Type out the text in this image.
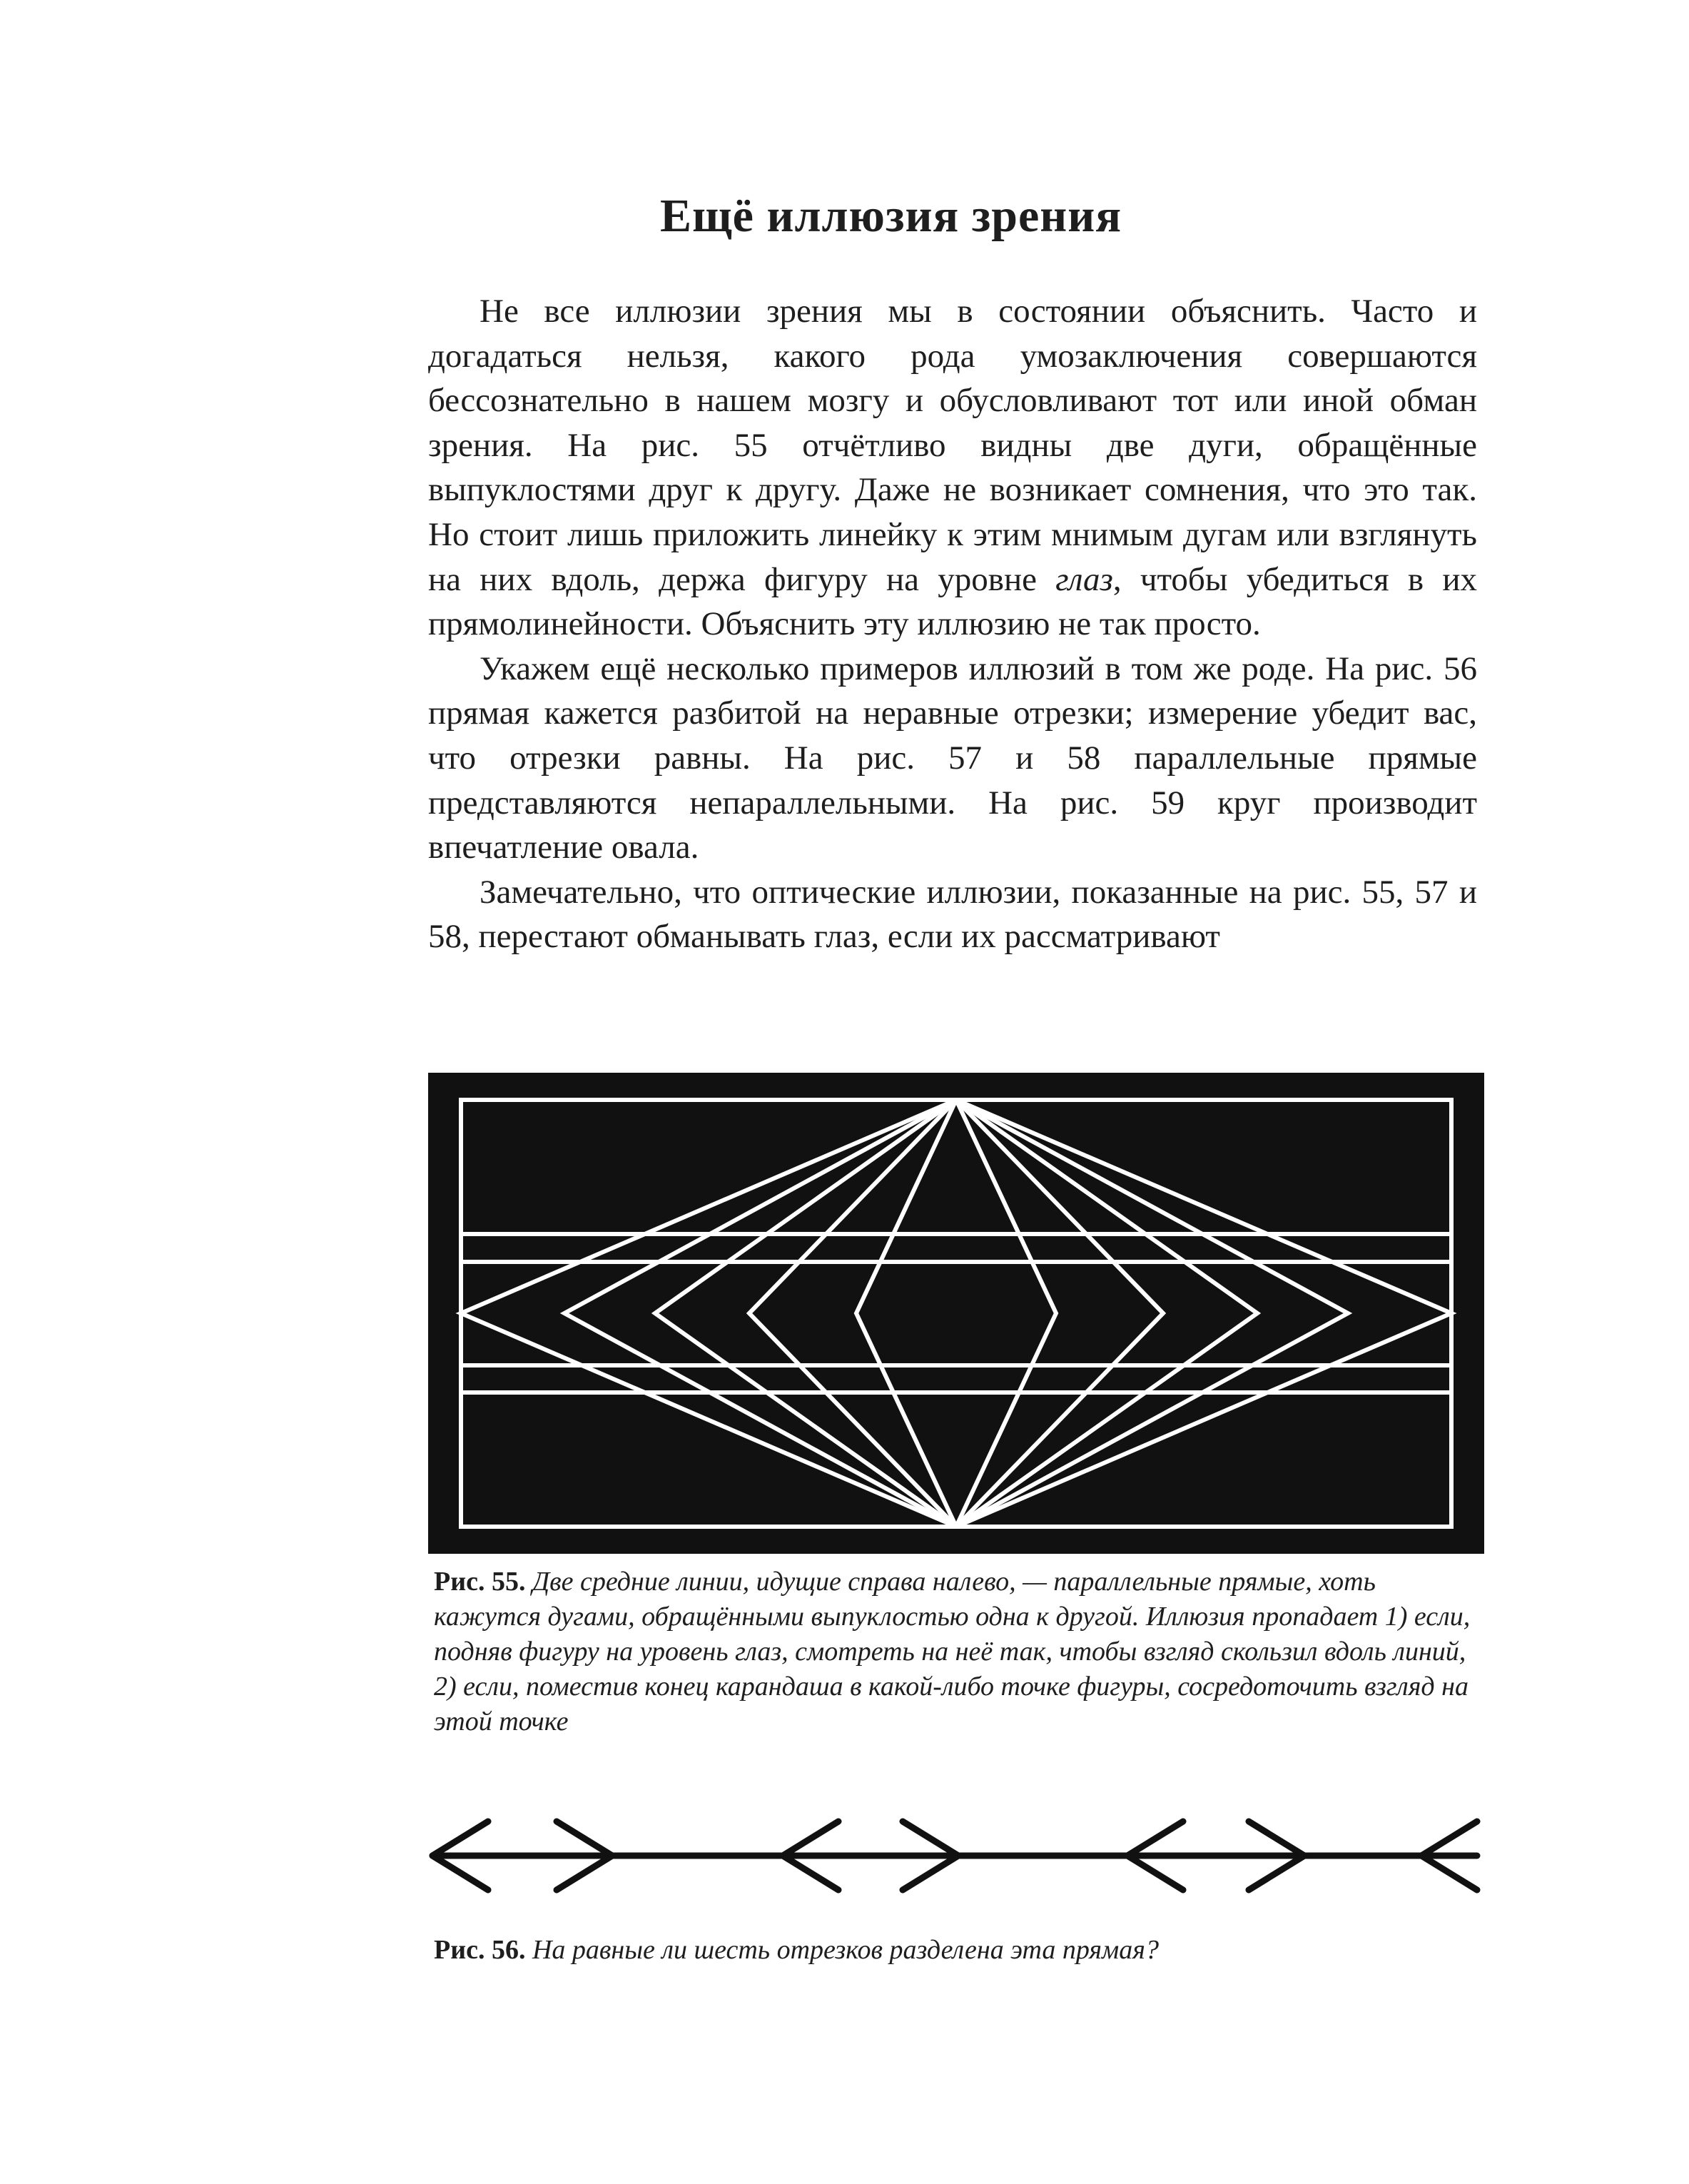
Ещё иллюзия зрения

Не все иллюзии зрения мы в состоянии объяснить. Часто и догадаться нельзя, какого рода умозаключения совершаются бессознательно в нашем мозгу и обусловливают тот или иной обман зрения. На рис. 55 отчётливо видны две дуги, обращённые выпуклостями друг к другу. Даже не возникает сомнения, что это так. Но стоит лишь приложить линейку к этим мнимым дугам или взглянуть на них вдоль, держа фигуру на уровне глаз, чтобы убедиться в их прямолинейности. Объяснить эту иллюзию не так просто.

Укажем ещё несколько примеров иллюзий в том же роде. На рис. 56 прямая кажется разбитой на неравные отрезки; измерение убедит вас, что отрезки равны. На рис. 57 и 58 параллельные прямые представляются непараллельными. На рис. 59 круг производит впечатление овала.

Замечательно, что оптические иллюзии, показанные на рис. 55, 57 и 58, перестают обманывать глаз, если их рассматривают

Рис. 55. Две средние линии, идущие справа налево, — параллельные прямые, хоть кажутся дугами, обращёнными выпуклостью одна к другой. Иллюзия пропадает 1) если, подняв фигуру на уровень глаз, смотреть на неё так, чтобы взгляд скользил вдоль линий, 2) если, поместив конец карандаша в какой-либо точке фигуры, сосредоточить взгляд на этой точке
Рис. 56. На равные ли шесть отрезков разделена эта прямая?
